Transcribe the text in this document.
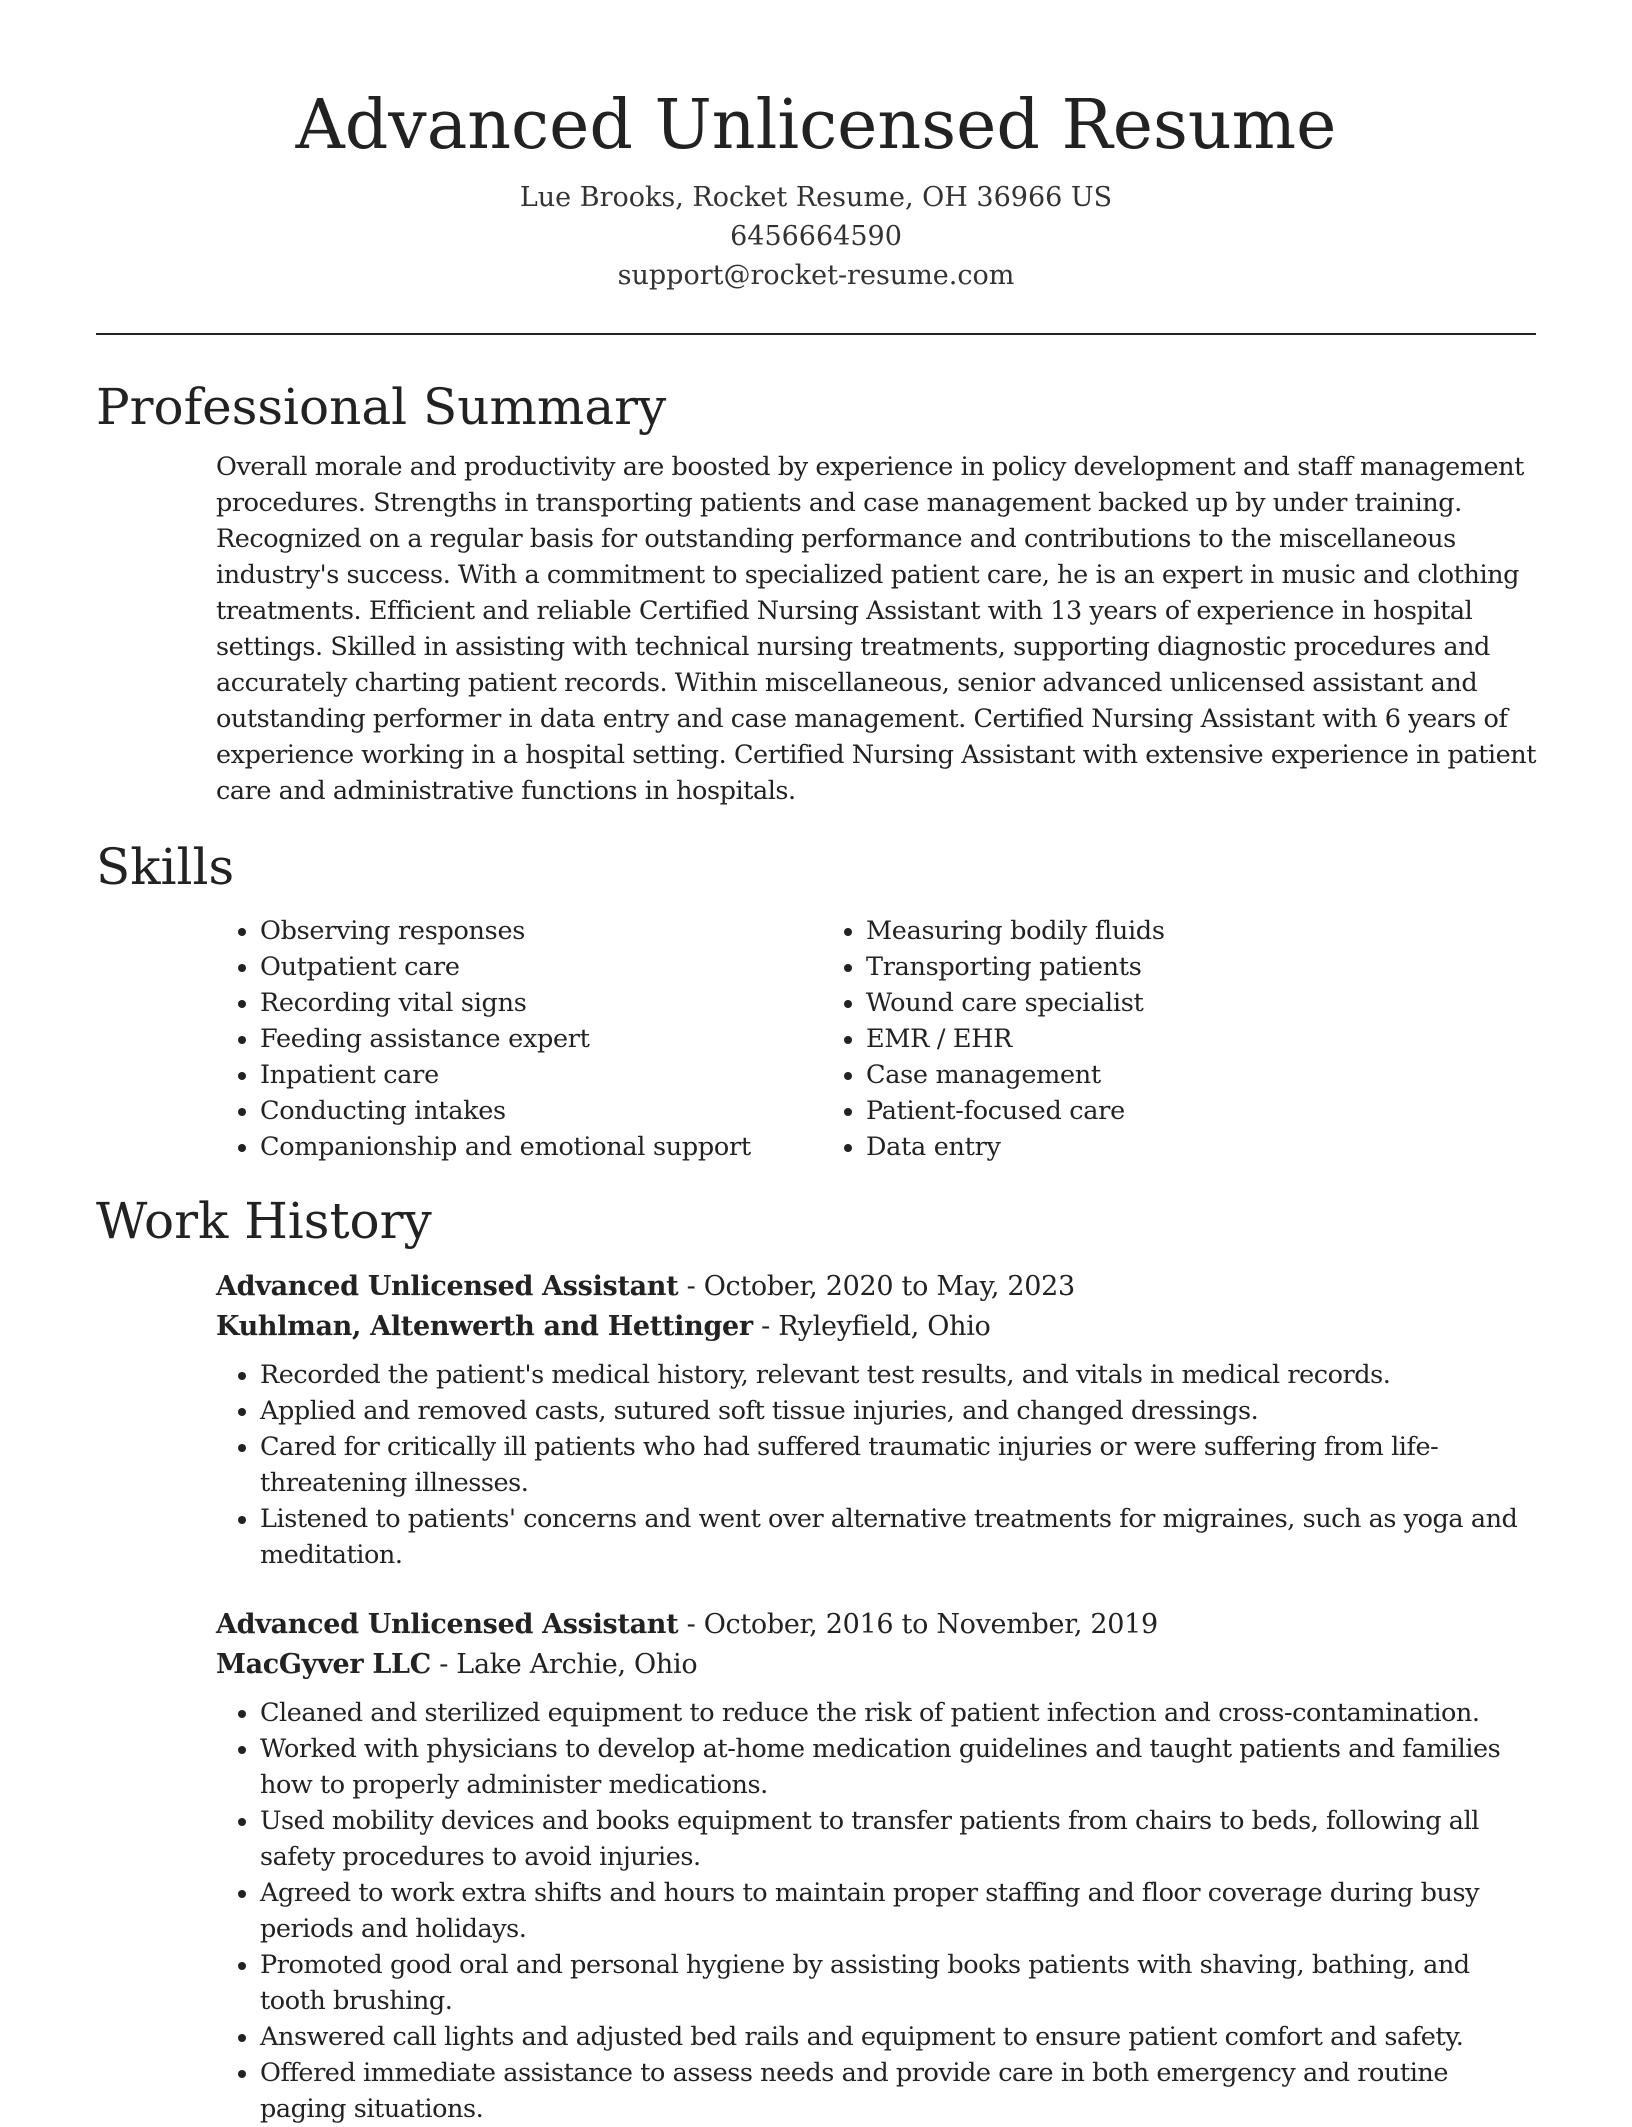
Advanced Unlicensed Resume
Lue Brooks, Rocket Resume, OH 36966 US
6456664590
support@rocket-resume.com
Professional Summary

Overall morale and productivity are boosted by experience in policy development and staff management procedures. Strengths in transporting patients and case management backed up by under training. Recognized on a regular basis for outstanding performance and contributions to the miscellaneous industry's success. With a commitment to specialized patient care, he is an expert in music and clothing treatments. Efficient and reliable Certified Nursing Assistant with 13 years of experience in hospital settings. Skilled in assisting with technical nursing treatments, supporting diagnostic procedures and accurately charting patient records. Within miscellaneous, senior advanced unlicensed assistant and outstanding performer in data entry and case management. Certified Nursing Assistant with 6 years of experience working in a hospital setting. Certified Nursing Assistant with extensive experience in patient care and administrative functions in hospitals.

Skills
• Observing responses
• Outpatient care
• Recording vital signs
• Feeding assistance expert
• Inpatient care
• Conducting intakes
• Companionship and emotional support
• Measuring bodily fluids
• Transporting patients
• Wound care specialist
• EMR / EHR
• Case management
• Patient-focused care
• Data entry
Work History
Advanced Unlicensed Assistant - October, 2020 to May, 2023
Kuhlman, Altenwerth and Hettinger - Ryleyfield, Ohio
• Recorded the patient's medical history, relevant test results, and vitals in medical records.
• Applied and removed casts, sutured soft tissue injuries, and changed dressings.
• Cared for critically ill patients who had suffered traumatic injuries or were suffering from life-threatening illnesses.
• Listened to patients' concerns and went over alternative treatments for migraines, such as yoga and meditation.
Advanced Unlicensed Assistant - October, 2016 to November, 2019
MacGyver LLC - Lake Archie, Ohio
• Cleaned and sterilized equipment to reduce the risk of patient infection and cross-contamination.
• Worked with physicians to develop at-home medication guidelines and taught patients and families how to properly administer medications.
• Used mobility devices and books equipment to transfer patients from chairs to beds, following all safety procedures to avoid injuries.
• Agreed to work extra shifts and hours to maintain proper staffing and floor coverage during busy periods and holidays.
• Promoted good oral and personal hygiene by assisting books patients with shaving, bathing, and tooth brushing.
• Answered call lights and adjusted bed rails and equipment to ensure patient comfort and safety.
• Offered immediate assistance to assess needs and provide care in both emergency and routine paging situations.
